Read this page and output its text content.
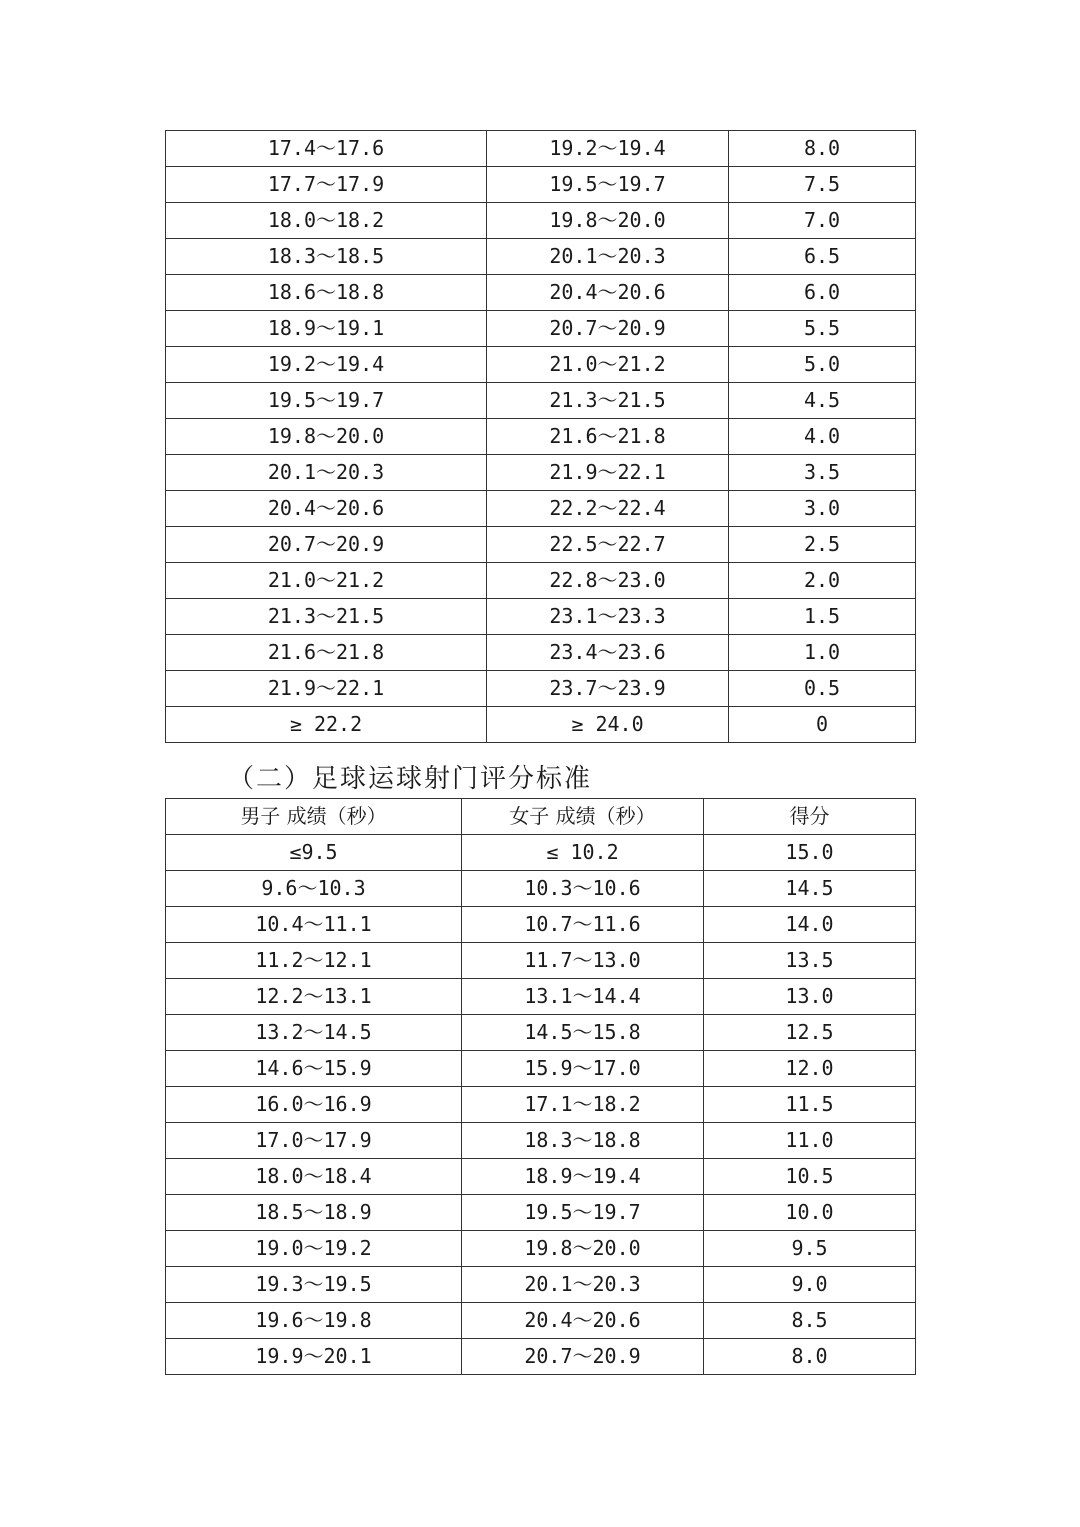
17.4～17.6	19.2～19.4	8.0
17.7～17.9	19.5～19.7	7.5
18.0～18.2	19.8～20.0	7.0
18.3～18.5	20.1～20.3	6.5
18.6～18.8	20.4～20.6	6.0
18.9～19.1	20.7～20.9	5.5
19.2～19.4	21.0～21.2	5.0
19.5～19.7	21.3～21.5	4.5
19.8～20.0	21.6～21.8	4.0
20.1～20.3	21.9～22.1	3.5
20.4～20.6	22.2～22.4	3.0
20.7～20.9	22.5～22.7	2.5
21.0～21.2	22.8～23.0	2.0
21.3～21.5	23.1～23.3	1.5
21.6～21.8	23.4～23.6	1.0
21.9～22.1	23.7～23.9	0.5
≥ 22.2	≥ 24.0	0
（二）足球运球射门评分标准
男子 成绩（秒）	女子 成绩（秒）	得分
≤9.5	≤ 10.2	15.0
9.6～10.3	10.3～10.6	14.5
10.4～11.1	10.7～11.6	14.0
11.2～12.1	11.7～13.0	13.5
12.2～13.1	13.1～14.4	13.0
13.2～14.5	14.5～15.8	12.5
14.6～15.9	15.9～17.0	12.0
16.0～16.9	17.1～18.2	11.5
17.0～17.9	18.3～18.8	11.0
18.0～18.4	18.9～19.4	10.5
18.5～18.9	19.5～19.7	10.0
19.0～19.2	19.8～20.0	9.5
19.3～19.5	20.1～20.3	9.0
19.6～19.8	20.4～20.6	8.5
19.9～20.1	20.7～20.9	8.0
